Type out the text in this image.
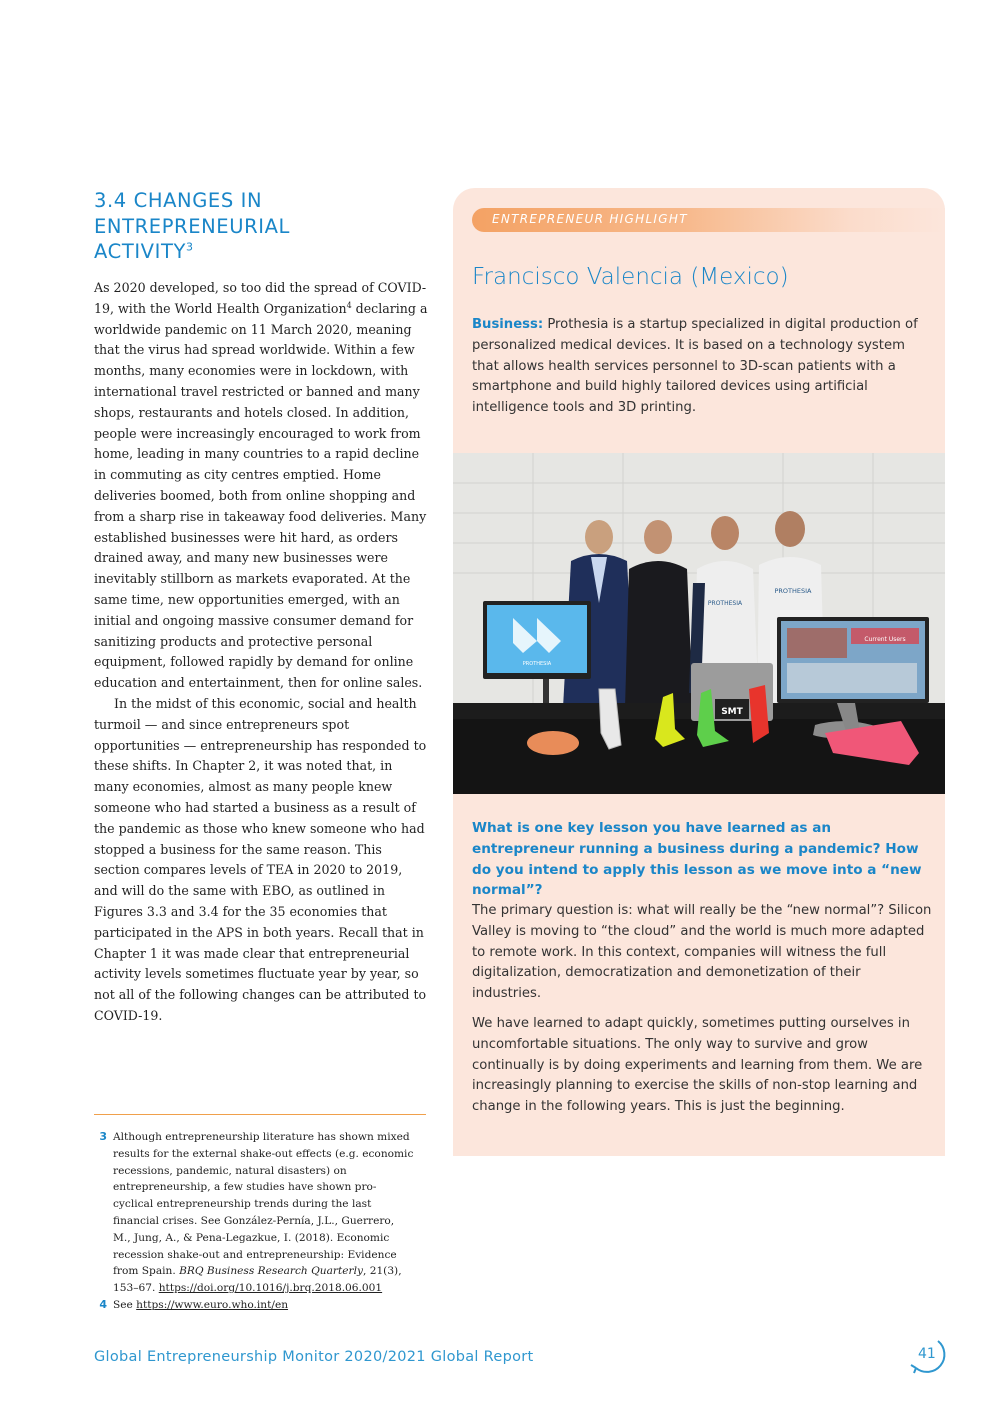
3.4 CHANGES IN ENTREPRENEURIAL ACTIVITY$^3$

As 2020 developed, so too did the spread of COVID-19, with the World Health Organization$^4$ declaring a worldwide pandemic on 11 March 2020, meaning that the virus had spread worldwide. Within a few months, many economies were in lockdown, with international travel restricted or banned and many shops, restaurants and hotels closed. In addition, people were increasingly encouraged to work from home, leading in many countries to a rapid decline in commuting as city centres emptied. Home deliveries boomed, both from online shopping and from a sharp rise in takeaway food deliveries. Many established businesses were hit hard, as orders drained away, and many new businesses were inevitably stillborn as markets evaporated. At the same time, new opportunities emerged, with an initial and ongoing massive consumer demand for sanitizing products and protective personal equipment, followed rapidly by demand for online education and entertainment, then for online sales.

In the midst of this economic, social and health turmoil — and since entrepreneurs spot opportunities — entrepreneurship has responded to these shifts. In Chapter 2, it was noted that, in many economies, almost as many people knew someone who had started a business as a result of the pandemic as those who knew someone who had stopped a business for the same reason. This section compares levels of TEA in 2020 to 2019, and will do the same with EBO, as outlined in Figures 3.3 and 3.4 for the 35 economies that participated in the APS in both years. Recall that in Chapter 1 it was made clear that entrepreneurial activity levels sometimes fluctuate year by year, so not all of the following changes can be attributed to COVID-19.

3 Although entrepreneurship literature has shown mixed results for the external shake-out effects (e.g. economic recessions, pandemic, natural disasters) on entrepreneurship, a few studies have shown pro-cyclical entrepreneurship trends during the last financial crises. See González-Pernía, J.L., Guerrero, M., Jung, A., & Pena-Legazkue, I. (2018). Economic recession shake-out and entrepreneurship: Evidence from Spain. BRQ Business Research Quarterly, 21(3), 153–67. https://doi.org/10.1016/j.brq.2018.06.001
4 See https://www.euro.who.int/en
ENTREPRENEUR HIGHLIGHT
Francisco Valencia (Mexico)

Business: Prothesia is a startup specialized in digital production of personalized medical devices. It is based on a technology system that allows health services personnel to 3D-scan patients with a smartphone and build highly tailored devices using artificial intelligence tools and 3D printing.

PROTHESIA
PROTHESIA
PROTHESIA
Current Users
SMT

What is one key lesson you have learned as an entrepreneur running a business during a pandemic? How do you intend to apply this lesson as we move into a “new normal”?

The primary question is: what will really be the “new normal”? Silicon Valley is moving to “the cloud” and the world is much more adapted to remote work. In this context, companies will witness the full digitalization, democratization and demonetization of their industries.

We have learned to adapt quickly, sometimes putting ourselves in uncomfortable situations. The only way to survive and grow continually is by doing experiments and learning from them. We are increasingly planning to exercise the skills of non-stop learning and change in the following years. This is just the beginning.

Global Entrepreneurship Monitor 2020/2021 Global Report	41
